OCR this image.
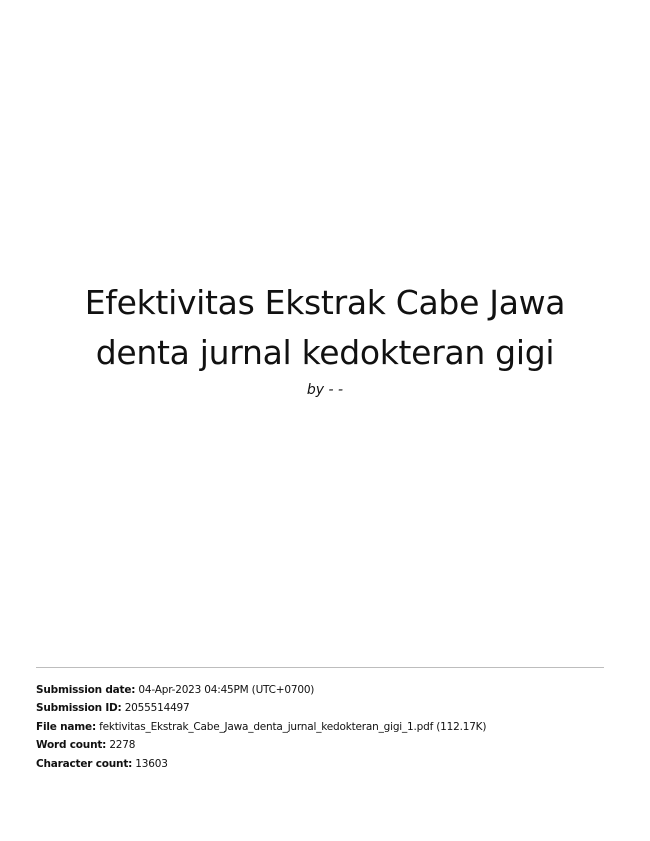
Efektivitas Ekstrak Cabe Jawa
denta jurnal kedokteran gigi
by - -
Submission date: 04-Apr-2023 04:45PM (UTC+0700)
Submission ID: 2055514497
File name: fektivitas_Ekstrak_Cabe_Jawa_denta_jurnal_kedokteran_gigi_1.pdf (112.17K)
Word count: 2278
Character count: 13603
